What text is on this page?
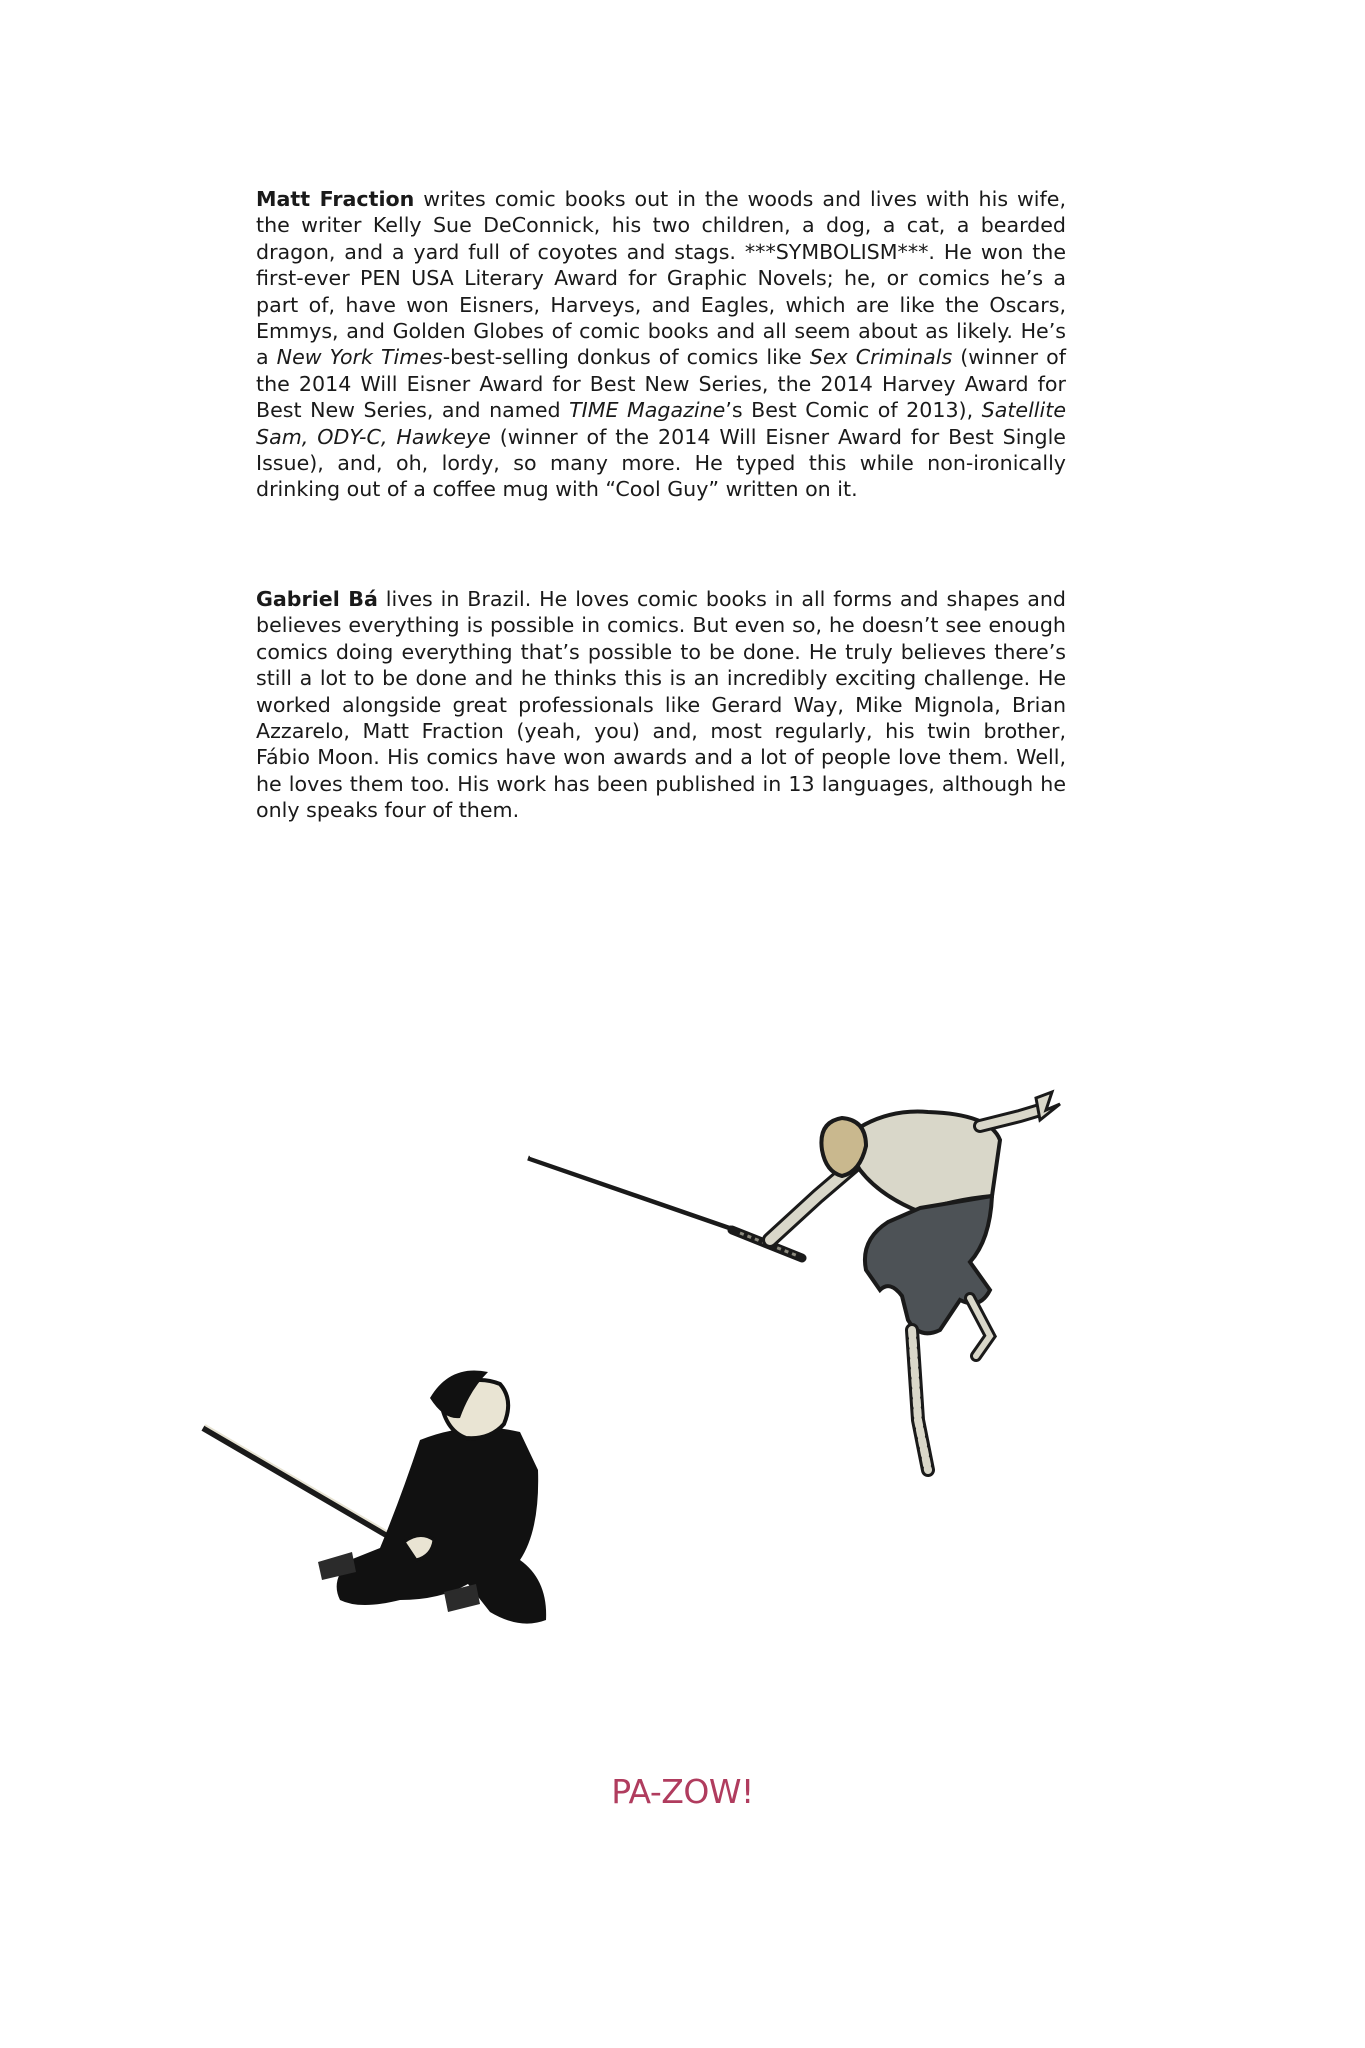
Matt Fraction writes comic books out in the woods and lives with his wife, the writer Kelly Sue DeConnick, his two children, a dog, a cat, a bearded dragon, and a yard full of coyotes and stags. ***SYMBOLISM***. He won the first-ever PEN USA Literary Award for Graphic Novels; he, or comics he’s a part of, have won Eisners, Harveys, and Eagles, which are like the Oscars, Emmys, and Golden Globes of comic books and all seem about as likely. He’s a New York Times-best-selling donkus of comics like Sex Criminals (winner of the 2014 Will Eisner Award for Best New Series, the 2014 Harvey Award for Best New Series, and named TIME Magazine’s Best Comic of 2013), Satellite Sam, ODY-C, Hawkeye (winner of the 2014 Will Eisner Award for Best Single Issue), and, oh, lordy, so many more. He typed this while non-ironically drinking out of a coffee mug with “Cool Guy” written on it.

Gabriel Bá lives in Brazil. He loves comic books in all forms and shapes and believes everything is possible in comics. But even so, he doesn’t see enough comics doing everything that’s possible to be done. He truly believes there’s still a lot to be done and he thinks this is an incredibly exciting challenge. He worked alongside great professionals like Gerard Way, Mike Mignola, Brian Azzarelo, Matt Fraction (yeah, you) and, most regularly, his twin brother, Fábio Moon. His comics have won awards and a lot of people love them. Well, he loves them too. His work has been published in 13 languages, although he only speaks four of them.

PA-ZOW!
